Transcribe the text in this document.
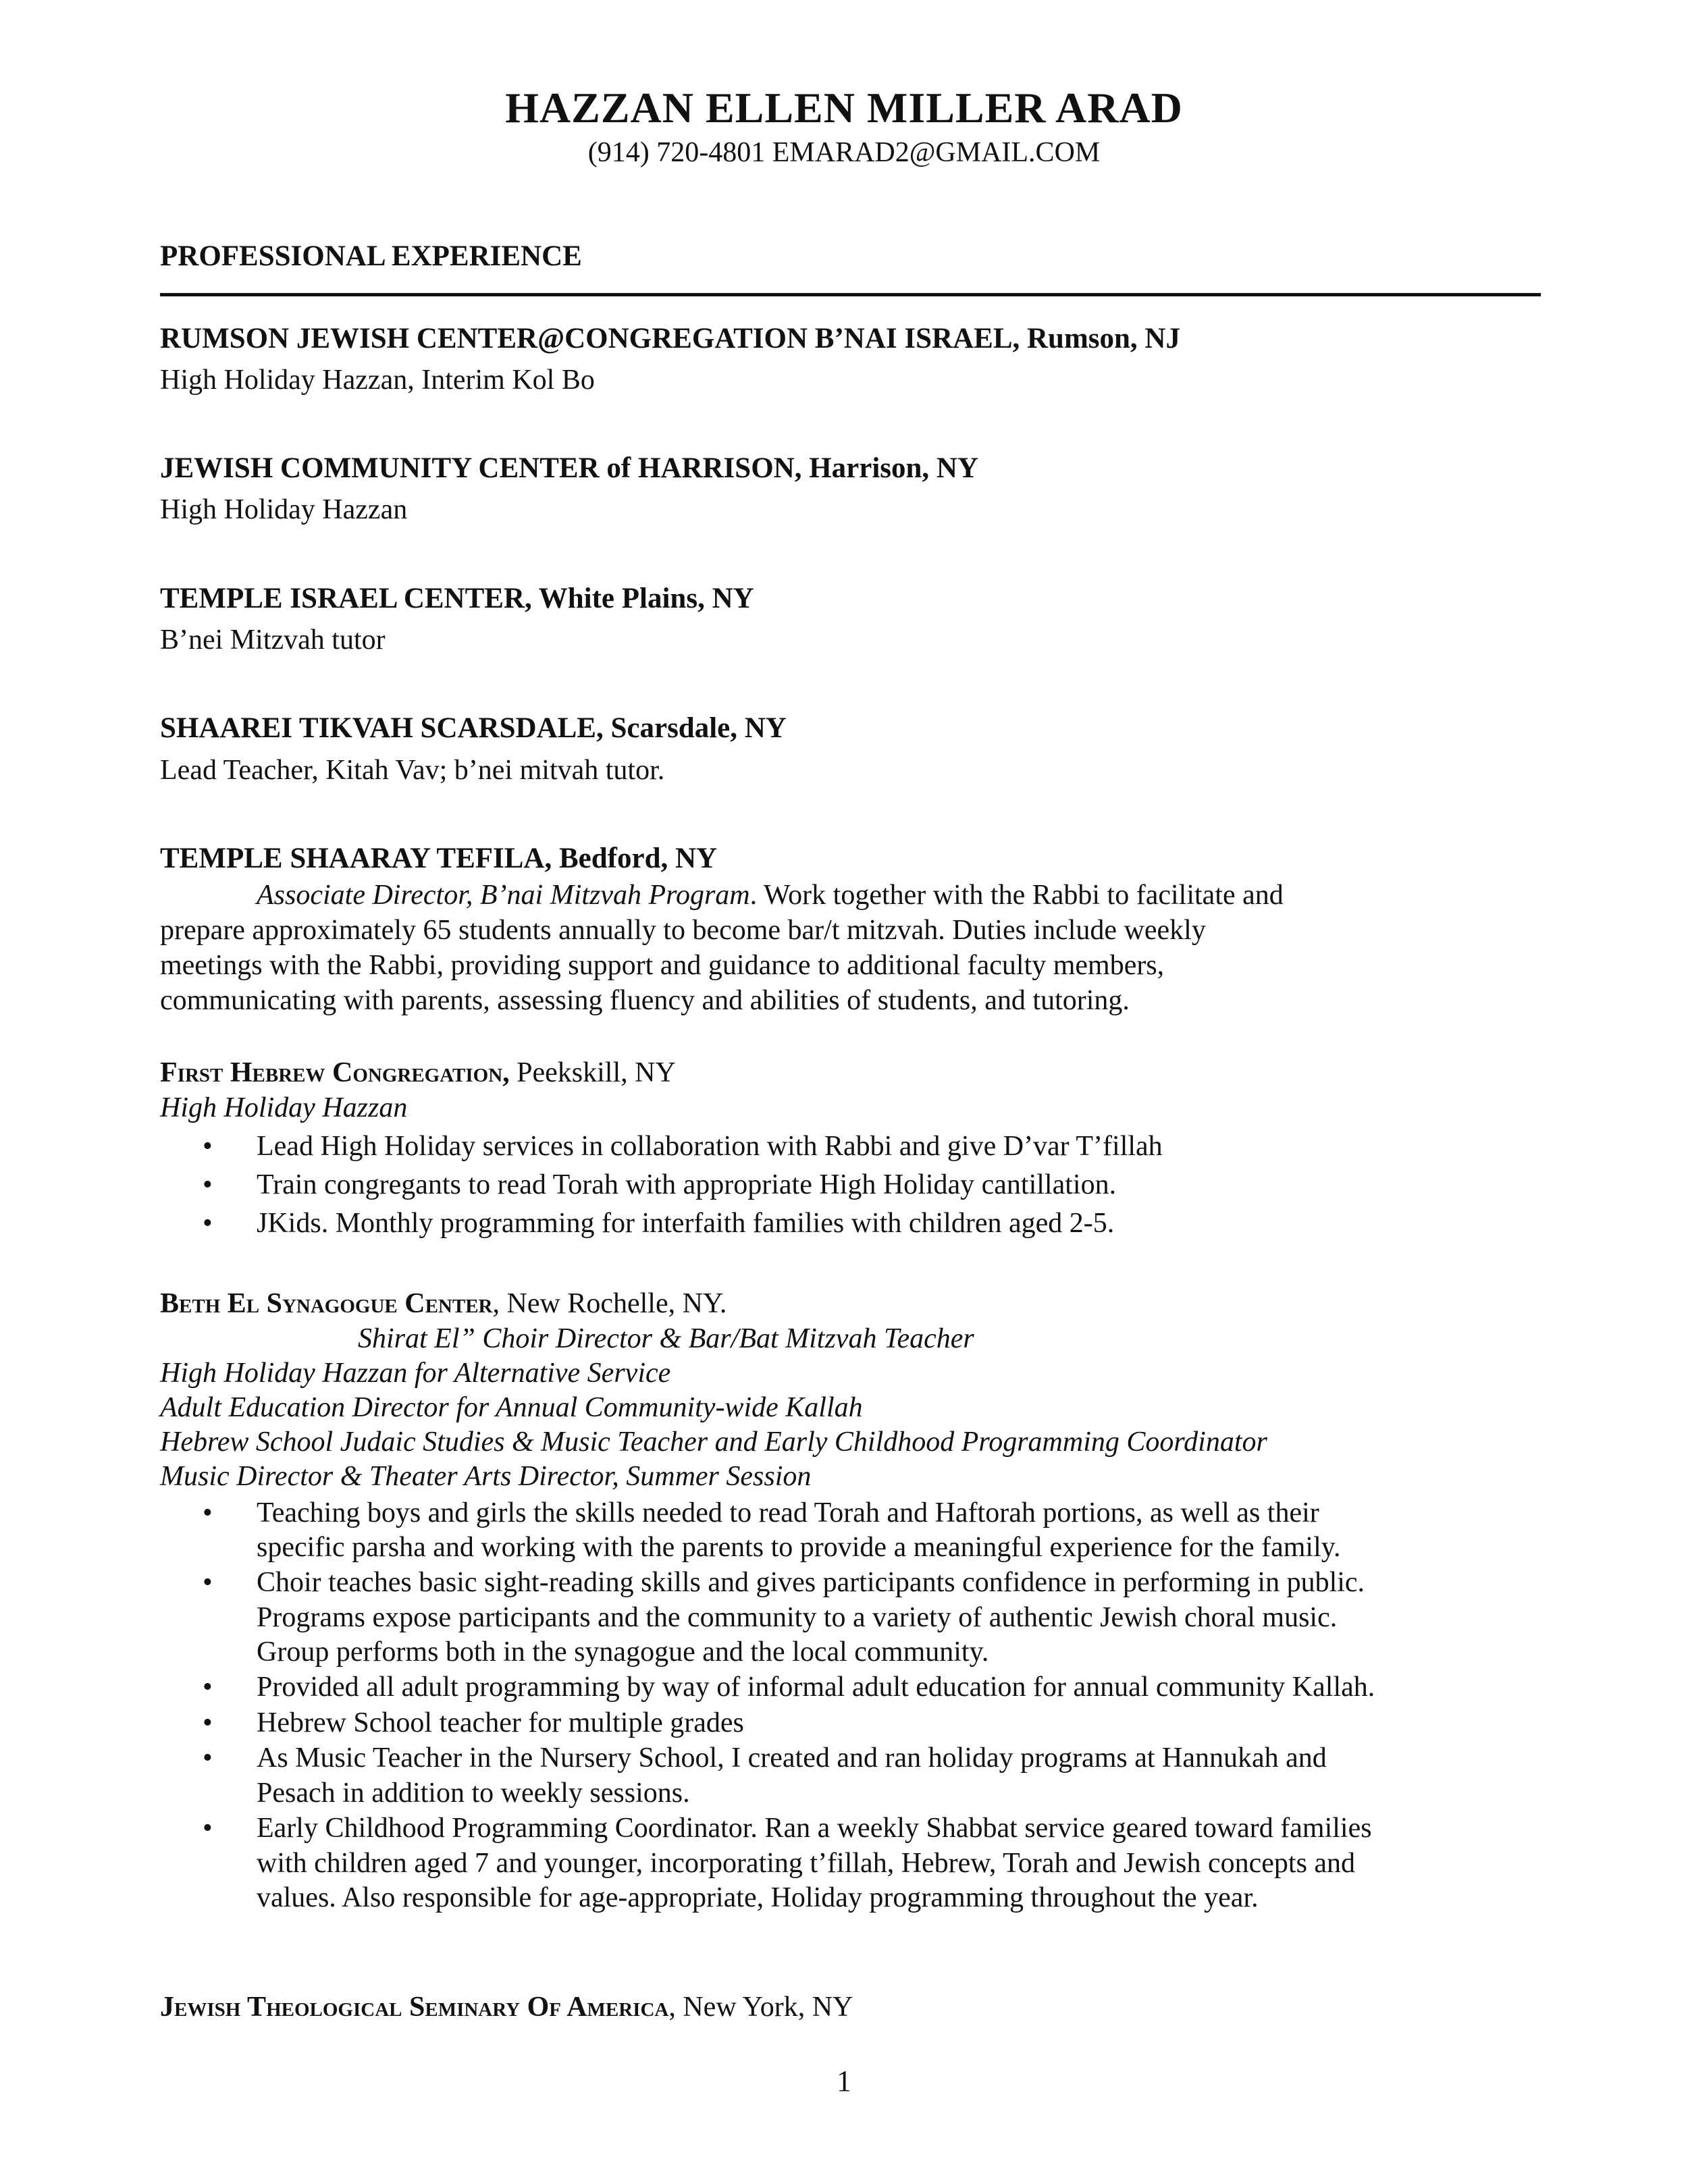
HAZZAN ELLEN MILLER ARAD
(914) 720-4801 EMARAD2@GMAIL.COM
PROFESSIONAL EXPERIENCE
RUMSON JEWISH CENTER@CONGREGATION B’NAI ISRAEL, Rumson, NJ
High Holiday Hazzan, Interim Kol Bo
JEWISH COMMUNITY CENTER of HARRISON, Harrison, NY
High Holiday Hazzan
TEMPLE ISRAEL CENTER, White Plains, NY
B’nei Mitzvah tutor
SHAAREI TIKVAH SCARSDALE, Scarsdale, NY
Lead Teacher, Kitah Vav; b’nei mitvah tutor.
TEMPLE SHAARAY TEFILA, Bedford, NY
Associate Director, B’nai Mitzvah Program. Work together with the Rabbi to facilitate and
prepare approximately 65 students annually to become bar/t mitzvah. Duties include weekly
meetings with the Rabbi, providing support and guidance to additional faculty members,
communicating with parents, assessing fluency and abilities of students, and tutoring.
First Hebrew Congregation, Peekskill, NY
High Holiday Hazzan
• Lead High Holiday services in collaboration with Rabbi and give D’var T’fillah
• Train congregants to read Torah with appropriate High Holiday cantillation.
• JKids. Monthly programming for interfaith families with children aged 2-5.
Beth El Synagogue Center, New Rochelle, NY.
Shirat El” Choir Director & Bar/Bat Mitzvah Teacher
High Holiday Hazzan for Alternative Service
Adult Education Director for Annual Community-wide Kallah
Hebrew School Judaic Studies & Music Teacher and Early Childhood Programming Coordinator
Music Director & Theater Arts Director, Summer Session
• Teaching boys and girls the skills needed to read Torah and Haftorah portions, as well as their
specific parsha and working with the parents to provide a meaningful experience for the family.
• Choir teaches basic sight-reading skills and gives participants confidence in performing in public.
Programs expose participants and the community to a variety of authentic Jewish choral music.
Group performs both in the synagogue and the local community.
• Provided all adult programming by way of informal adult education for annual community Kallah.
• Hebrew School teacher for multiple grades
• As Music Teacher in the Nursery School, I created and ran holiday programs at Hannukah and
Pesach in addition to weekly sessions.
• Early Childhood Programming Coordinator. Ran a weekly Shabbat service geared toward families
with children aged 7 and younger, incorporating t’fillah, Hebrew, Torah and Jewish concepts and
values. Also responsible for age-appropriate, Holiday programming throughout the year.
Jewish Theological Seminary Of America, New York, NY
1
